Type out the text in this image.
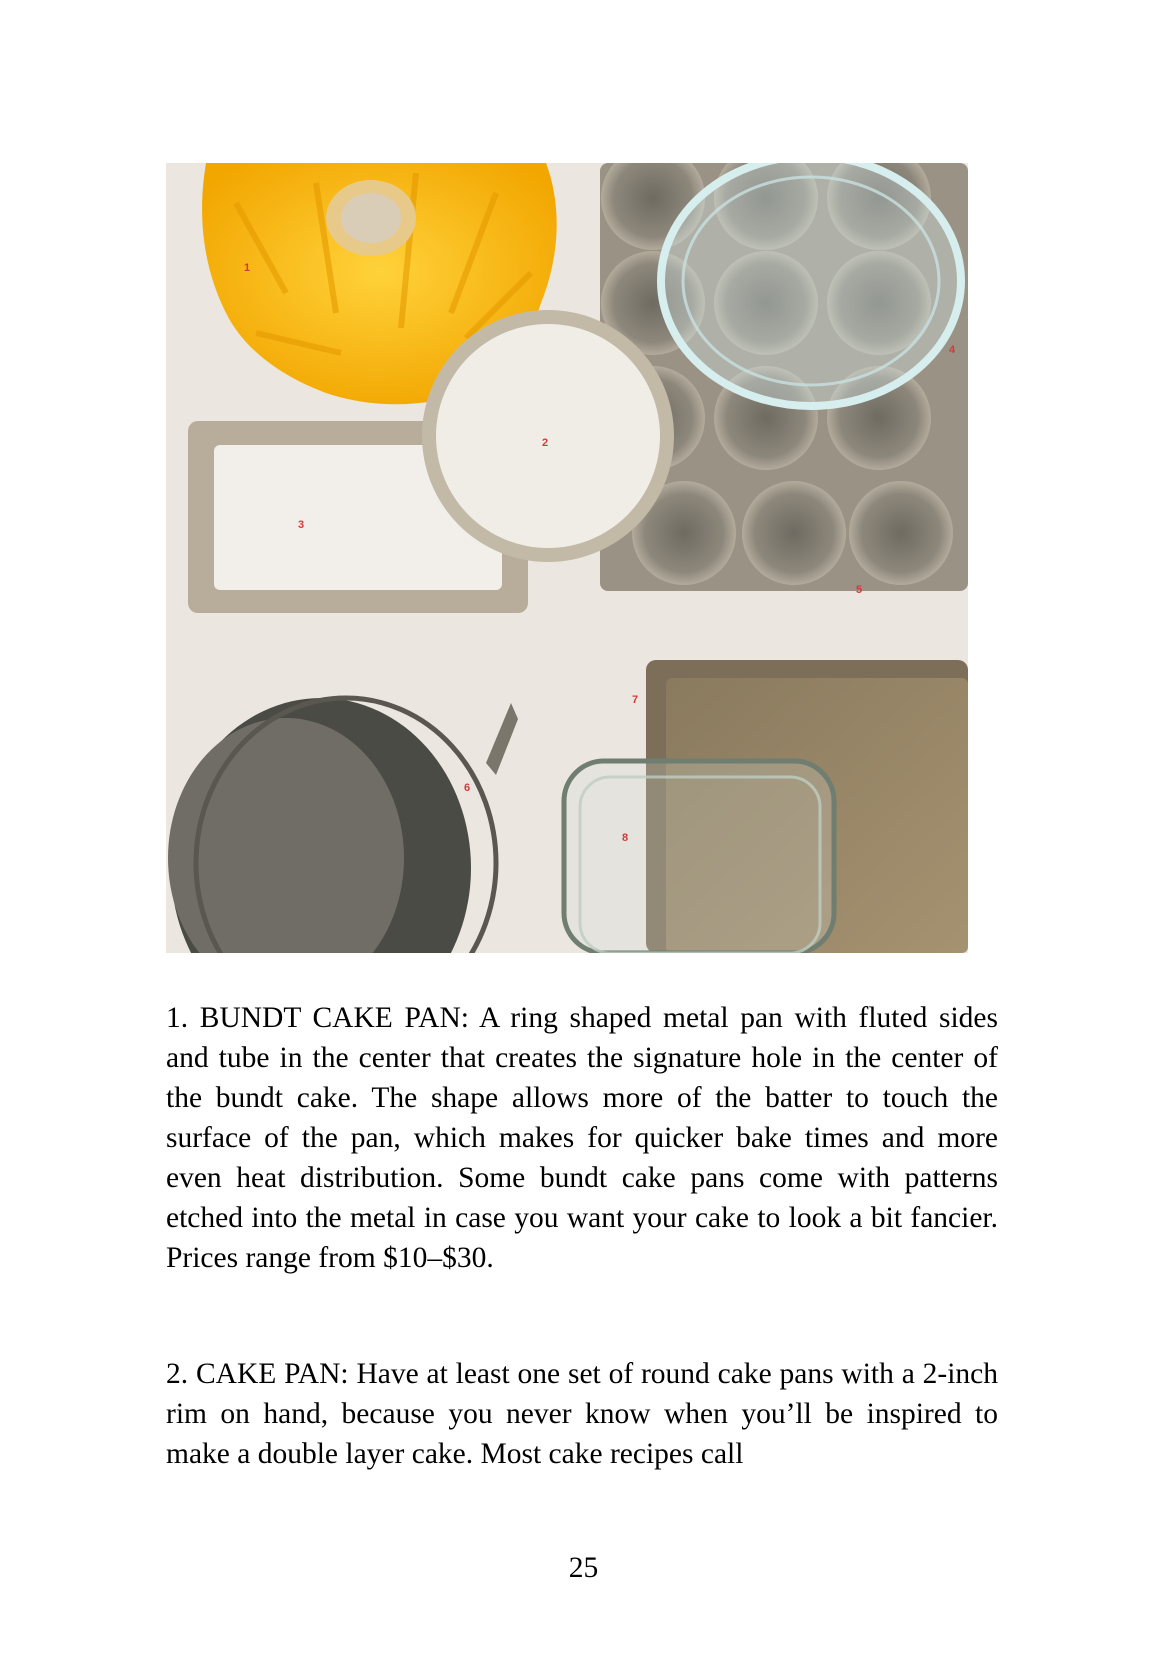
1
2
3
4
5
6
7
8
1. BUNDT CAKE PAN: A ring shaped metal pan with fluted sides and tube in the center that creates the signature hole in the center of the bundt cake. The shape allows more of the batter to touch the surface of the pan, which makes for quicker bake times and more even heat distribution. Some bundt cake pans come with patterns etched into the metal in case you want your cake to look a bit fancier. Prices range from $10–$30.
2. CAKE PAN: Have at least one set of round cake pans with a 2-inch rim on hand, because you never know when you’ll be inspired to make a double layer cake. Most cake recipes call
25
